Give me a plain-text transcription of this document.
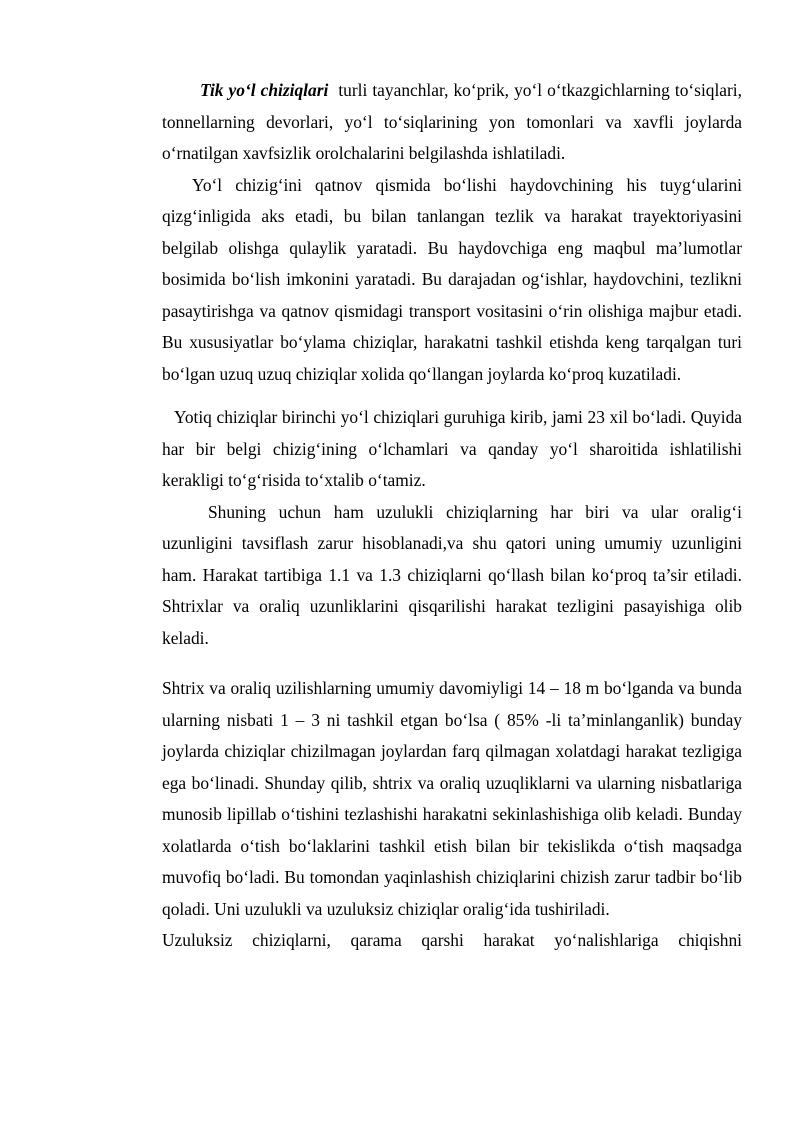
Tik yo‘l chiziqlari turli tayanchlar, ko‘prik, yo‘l o‘tkazgichlarning to‘siqlari, tonnellarning devorlari, yo‘l to‘siqlarining yon tomonlari va xavfli joylarda o‘rnatilgan xavfsizlik orolchalarini belgilashda ishlatiladi.

Yo‘l chizig‘ini qatnov qismida bo‘lishi haydovchining his tuyg‘ularini qizg‘inligida aks etadi, bu bilan tanlangan tezlik va harakat trayektoriyasini belgilab olishga qulaylik yaratadi. Bu haydovchiga eng maqbul ma’lumotlar bosimida bo‘lish imkonini yaratadi. Bu darajadan og‘ishlar, haydovchini, tezlikni pasaytirishga va qatnov qismidagi transport vositasini o‘rin olishiga majbur etadi. Bu xususiyatlar bo‘ylama chiziqlar, harakatni tashkil etishda keng tarqalgan turi bo‘lgan uzuq uzuq chiziqlar xolida qo‘llangan joylarda ko‘proq kuzatiladi.

Yotiq chiziqlar birinchi yo‘l chiziqlari guruhiga kirib, jami 23 xil bo‘ladi. Quyida har bir belgi chizig‘ining o‘lchamlari va qanday yo‘l sharoitida ishlatilishi kerakligi to‘g‘risida to‘xtalib o‘tamiz.

Shuning uchun ham uzulukli chiziqlarning har biri va ular oralig‘i uzunligini tavsiflash zarur hisoblanadi,va shu qatori uning umumiy uzunligini ham. Harakat tartibiga 1.1 va 1.3 chiziqlarni qo‘llash bilan ko‘proq ta’sir etiladi. Shtrixlar va oraliq uzunliklarini qisqarilishi harakat tezligini pasayishiga olib keladi.

Shtrix va oraliq uzilishlarning umumiy davomiyligi 14 – 18 m bo‘lganda va bunda ularning nisbati 1 – 3 ni tashkil etgan bo‘lsa ( 85% -li ta’minlanganlik) bunday joylarda chiziqlar chizilmagan joylardan farq qilmagan xolatdagi harakat tezligiga ega bo‘linadi. Shunday qilib, shtrix va oraliq uzuqliklarni va ularning nisbatlariga munosib lipillab o‘tishini tezlashishi harakatni sekinlashishiga olib keladi. Bunday xolatlarda o‘tish bo‘laklarini tashkil etish bilan bir tekislikda o‘tish maqsadga muvofiq bo‘ladi. Bu tomondan yaqinlashish chiziqlarini chizish zarur tadbir bo‘lib qoladi. Uni uzulukli va uzuluksiz chiziqlar oralig‘ida tushiriladi.

Uzuluksiz chiziqlarni, qarama qarshi harakat yo‘nalishlariga chiqishni
